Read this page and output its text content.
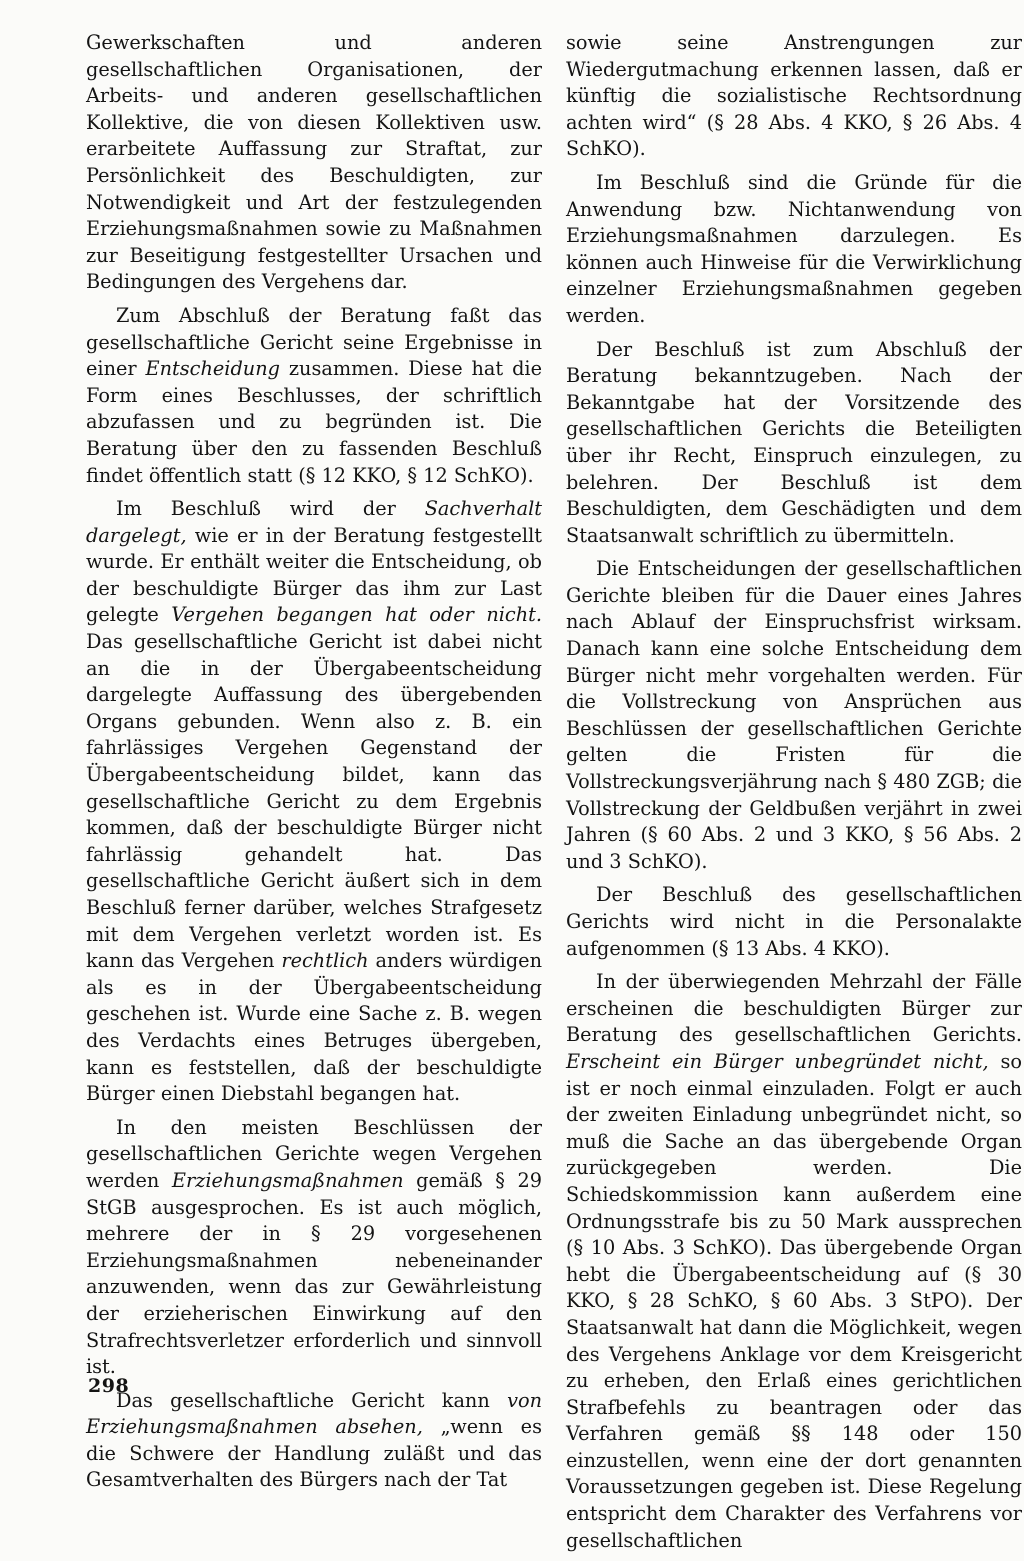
Gewerkschaften und anderen gesellschaftlichen Organisationen, der Arbeits- und anderen gesellschaftlichen Kollektive, die von diesen Kollektiven usw. erarbeitete Auffassung zur Straftat, zur Persönlichkeit des Beschuldigten, zur Notwendigkeit und Art der festzulegenden Erziehungsmaßnahmen sowie zu Maßnahmen zur Beseitigung festgestellter Ursachen und Bedingungen des Vergehens dar.

Zum Abschluß der Beratung faßt das gesellschaftliche Gericht seine Ergebnisse in einer Entscheidung zusammen. Diese hat die Form eines Beschlusses, der schriftlich abzufassen und zu begründen ist. Die Beratung über den zu fassenden Beschluß findet öffentlich statt (§ 12 KKO, § 12 SchKO).

Im Beschluß wird der Sachverhalt dargelegt, wie er in der Beratung festgestellt wurde. Er enthält weiter die Entscheidung, ob der beschuldigte Bürger das ihm zur Last gelegte Vergehen begangen hat oder nicht. Das gesellschaftliche Gericht ist dabei nicht an die in der Übergabeentscheidung dargelegte Auffassung des übergebenden Organs gebunden. Wenn also z. B. ein fahrlässiges Vergehen Gegenstand der Übergabeentscheidung bildet, kann das gesellschaftliche Gericht zu dem Ergebnis kommen, daß der beschuldigte Bürger nicht fahrlässig gehandelt hat. Das gesellschaftliche Gericht äußert sich in dem Beschluß ferner darüber, welches Strafgesetz mit dem Vergehen verletzt worden ist. Es kann das Vergehen rechtlich anders würdigen als es in der Übergabeentscheidung geschehen ist. Wurde eine Sache z. B. wegen des Verdachts eines Betruges übergeben, kann es feststellen, daß der beschuldigte Bürger einen Diebstahl begangen hat.

In den meisten Beschlüssen der gesellschaftlichen Gerichte wegen Vergehen werden Erziehungsmaßnahmen gemäß § 29 StGB ausgesprochen. Es ist auch möglich, mehrere der in § 29 vorgesehenen Erziehungsmaßnahmen nebeneinander anzuwenden, wenn das zur Gewährleistung der erzieherischen Einwirkung auf den Strafrechtsverletzer erforderlich und sinnvoll ist.

Das gesellschaftliche Gericht kann von Erziehungsmaßnahmen absehen, „wenn es die Schwere der Handlung zuläßt und das Gesamtverhalten des Bürgers nach der Tat

sowie seine Anstrengungen zur Wiedergutmachung erkennen lassen, daß er künftig die sozialistische Rechtsordnung achten wird“ (§ 28 Abs. 4 KKO, § 26 Abs. 4 SchKO).

Im Beschluß sind die Gründe für die Anwendung bzw. Nichtanwendung von Erziehungsmaßnahmen darzulegen. Es können auch Hinweise für die Verwirklichung einzelner Erziehungsmaßnahmen gegeben werden.

Der Beschluß ist zum Abschluß der Beratung bekanntzugeben. Nach der Bekanntgabe hat der Vorsitzende des gesellschaftlichen Gerichts die Beteiligten über ihr Recht, Einspruch einzulegen, zu belehren. Der Beschluß ist dem Beschuldigten, dem Geschädigten und dem Staatsanwalt schriftlich zu übermitteln.

Die Entscheidungen der gesellschaftlichen Gerichte bleiben für die Dauer eines Jahres nach Ablauf der Einspruchsfrist wirksam. Danach kann eine solche Entscheidung dem Bürger nicht mehr vorgehalten werden. Für die Vollstreckung von Ansprüchen aus Beschlüssen der gesellschaftlichen Gerichte gelten die Fristen für die Vollstreckungsverjährung nach § 480 ZGB; die Vollstreckung der Geldbußen verjährt in zwei Jahren (§ 60 Abs. 2 und 3 KKO, § 56 Abs. 2 und 3 SchKO).

Der Beschluß des gesellschaftlichen Gerichts wird nicht in die Personalakte aufgenommen (§ 13 Abs. 4 KKO).

In der überwiegenden Mehrzahl der Fälle erscheinen die beschuldigten Bürger zur Beratung des gesellschaftlichen Gerichts. Erscheint ein Bürger unbegründet nicht, so ist er noch einmal einzuladen. Folgt er auch der zweiten Einladung unbegründet nicht, so muß die Sache an das übergebende Organ zurückgegeben werden. Die Schiedskommission kann außerdem eine Ordnungsstrafe bis zu 50 Mark aussprechen (§ 10 Abs. 3 SchKO). Das übergebende Organ hebt die Übergabeentscheidung auf (§ 30 KKO, § 28 SchKO, § 60 Abs. 3 StPO). Der Staatsanwalt hat dann die Möglichkeit, wegen des Vergehens Anklage vor dem Kreisgericht zu erheben, den Erlaß eines gerichtlichen Strafbefehls zu beantragen oder das Verfahren gemäß §§ 148 oder 150 einzustellen, wenn eine der dort genannten Voraussetzungen gegeben ist. Diese Regelung entspricht dem Charakter des Verfahrens vor gesellschaftlichen

298
